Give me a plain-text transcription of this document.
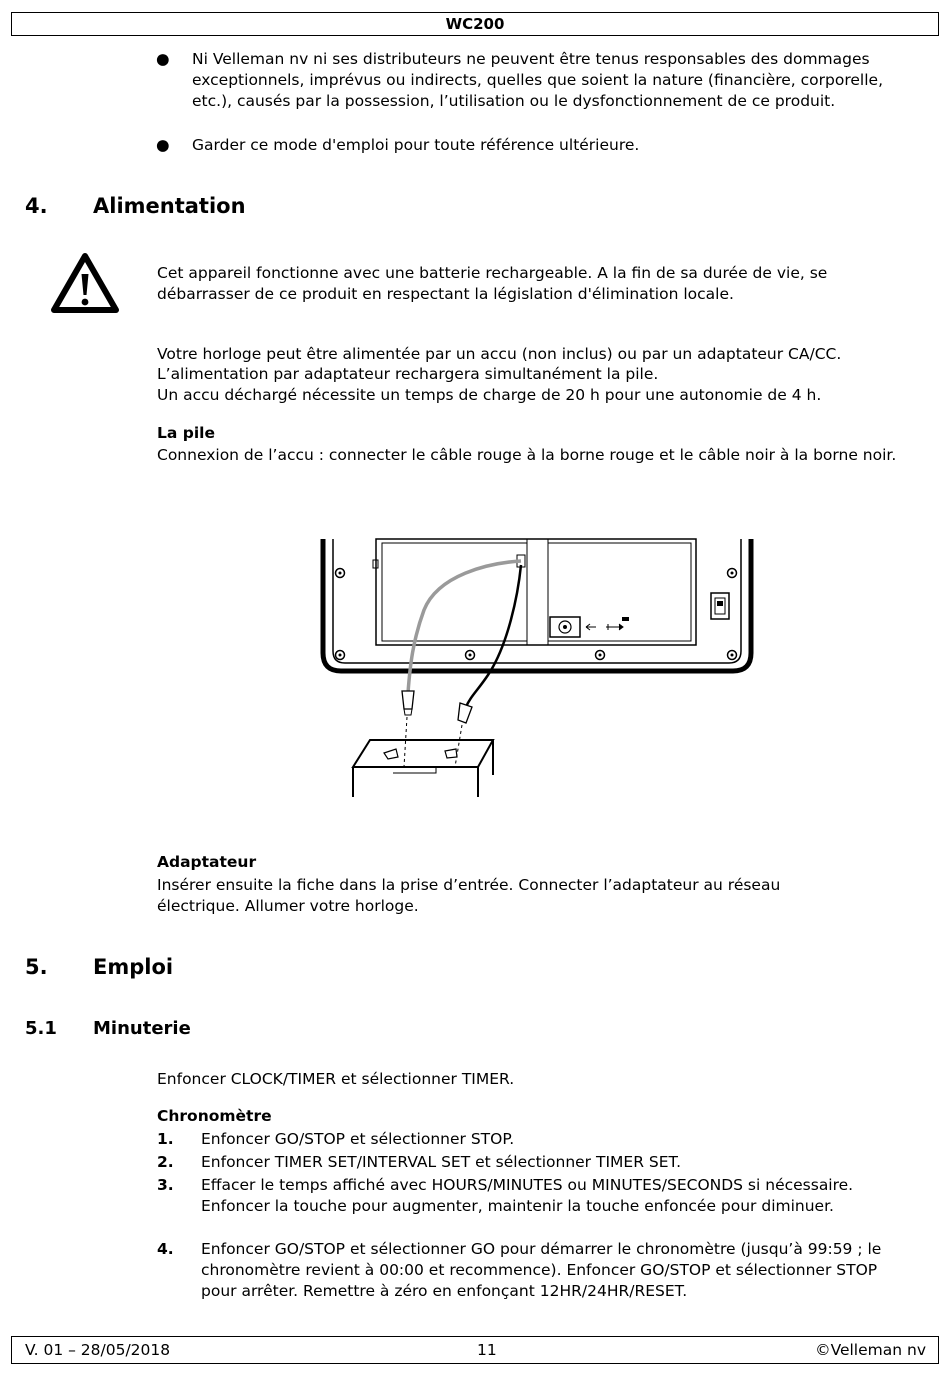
WC200
● Ni Velleman nv ni ses distributeurs ne peuvent être tenus responsables des dommages exceptionnels, imprévus ou indirects, quelles que soient la nature (financière, corporelle, etc.), causés par la possession, l’utilisation ou le dysfonctionnement de ce produit.
● Garder ce mode d'emploi pour toute référence ultérieure.
4. Alimentation
Cet appareil fonctionne avec une batterie rechargeable. A la fin de sa durée de vie, se débarrasser de ce produit en respectant la législation d'élimination locale.
Votre horloge peut être alimentée par un accu (non inclus) ou par un adaptateur CA/CC.
L’alimentation par adaptateur rechargera simultanément la pile.
Un accu déchargé nécessite un temps de charge de 20 h pour une autonomie de 4 h.
La pile
Connexion de l’accu : connecter le câble rouge à la borne rouge et le câble noir à la borne noir.
Adaptateur
Insérer ensuite la fiche dans la prise d’entrée. Connecter l’adaptateur au réseau électrique. Allumer votre horloge.
5. Emploi
5.1 Minuterie
Enfoncer CLOCK/TIMER et sélectionner TIMER.
Chronomètre
1. Enfoncer GO/STOP et sélectionner STOP.
2. Enfoncer TIMER SET/INTERVAL SET et sélectionner TIMER SET.
3. Effacer le temps affiché avec HOURS/MINUTES ou MINUTES/SECONDS si nécessaire. Enfoncer la touche pour augmenter, maintenir la touche enfoncée pour diminuer.
4. Enfoncer GO/STOP et sélectionner GO pour démarrer le chronomètre (jusqu’à 99:59 ; le chronomètre revient à 00:00 et recommence). Enfoncer GO/STOP et sélectionner STOP pour arrêter. Remettre à zéro en enfonçant 12HR/24HR/RESET.
V. 01 – 28/05/2018	11	©Velleman nv
